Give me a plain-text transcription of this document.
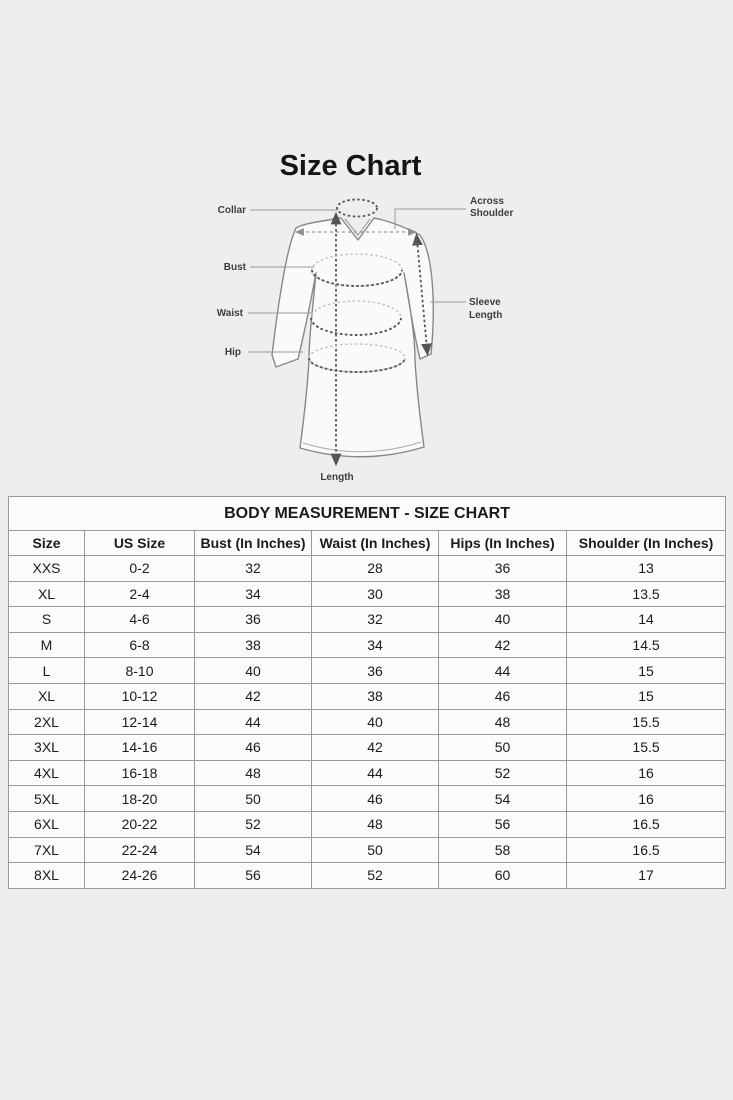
Size Chart
Collar
Bust
Waist
Hip
Across
Shoulder
Sleeve
Length
Length
BODY MEASUREMENT - SIZE CHART					
Size	US Size	Bust (In Inches)	Waist (In Inches)	Hips (In Inches)	Shoulder (In Inches)
XXS	0-2	32	28	36	13
XL	2-4	34	30	38	13.5
S	4-6	36	32	40	14
M	6-8	38	34	42	14.5
L	8-10	40	36	44	15
XL	10-12	42	38	46	15
2XL	12-14	44	40	48	15.5
3XL	14-16	46	42	50	15.5
4XL	16-18	48	44	52	16
5XL	18-20	50	46	54	16
6XL	20-22	52	48	56	16.5
7XL	22-24	54	50	58	16.5
8XL	24-26	56	52	60	17
